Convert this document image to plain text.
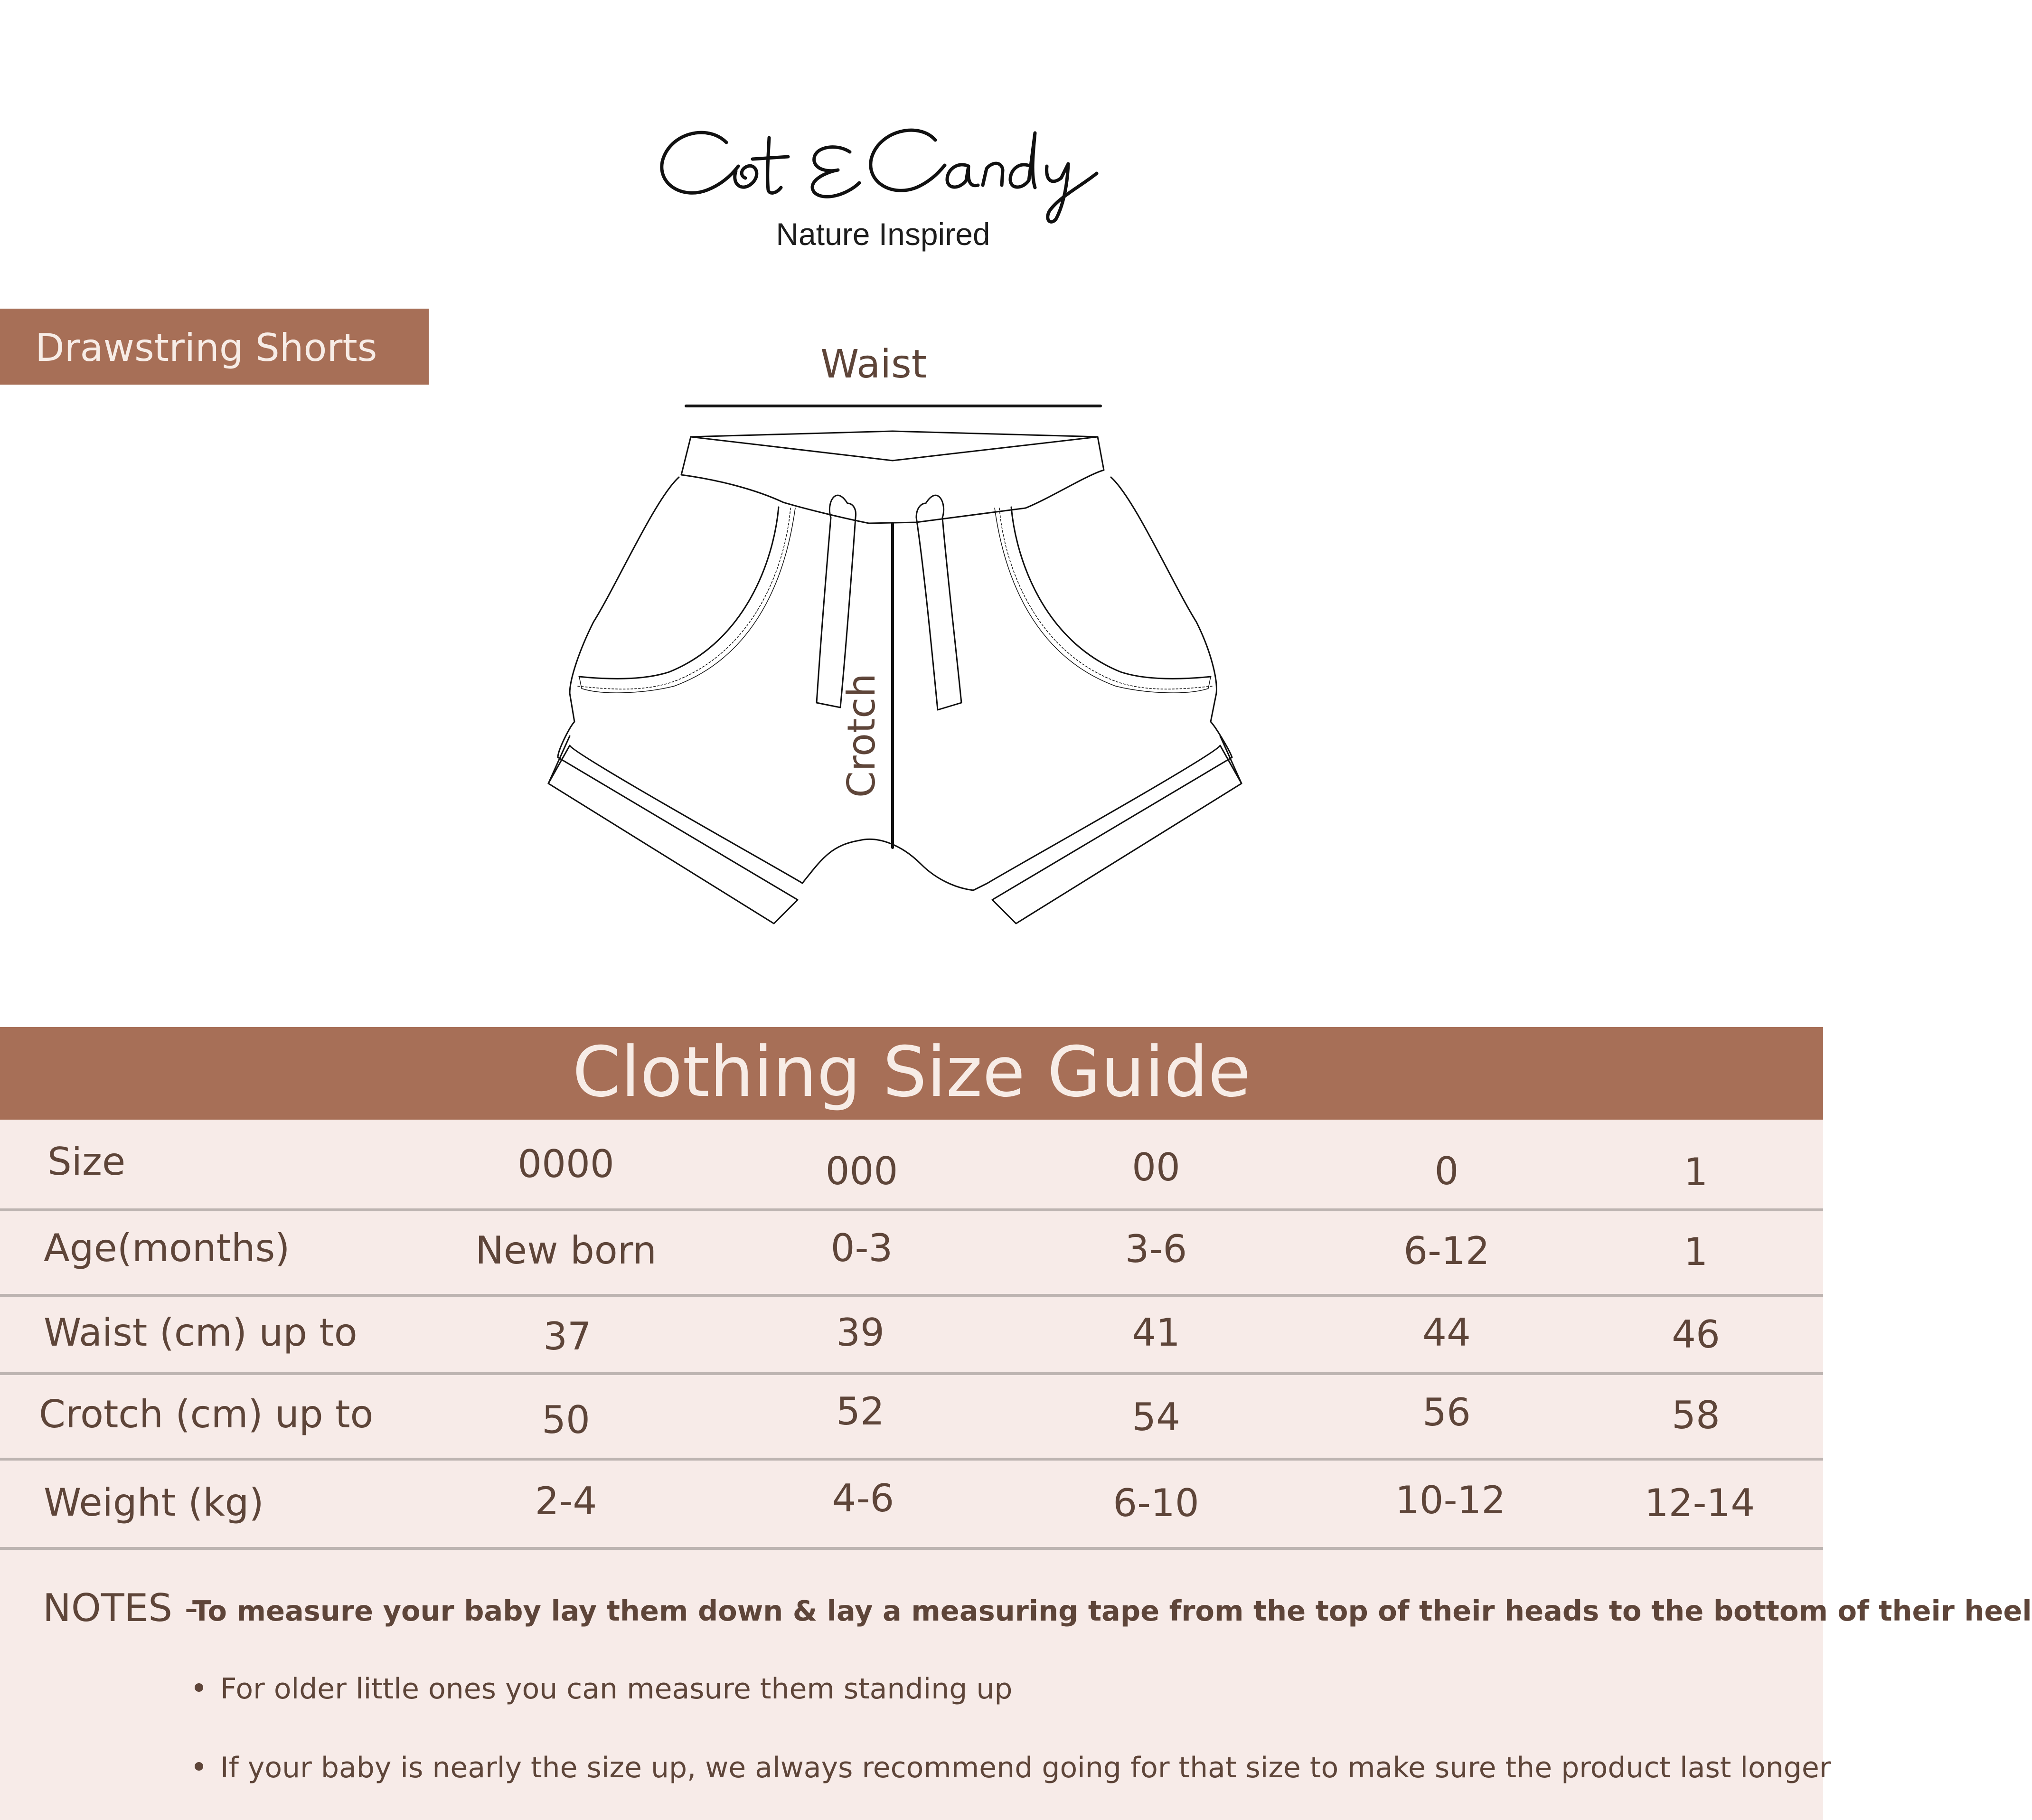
Nature Inspired
Drawstring Shorts	Waist
Crotch
Clothing Size Guide
Size	0000	000	00	0	1
Age(months)	New born	0-3	3-6	6-12	1
Waist (cm) up to	37	39	41	44	46
Crotch (cm) up to	50	52	54	56	58
Weight (kg)	2-4	4-6	6-10	10-12	12-14
NOTES -
To measure your baby lay them down & lay a measuring tape from the top of their heads to the bottom of their heel
For older little ones you can measure them standing up
If your baby is nearly the size up, we always recommend going for that size to make sure the product last longer
